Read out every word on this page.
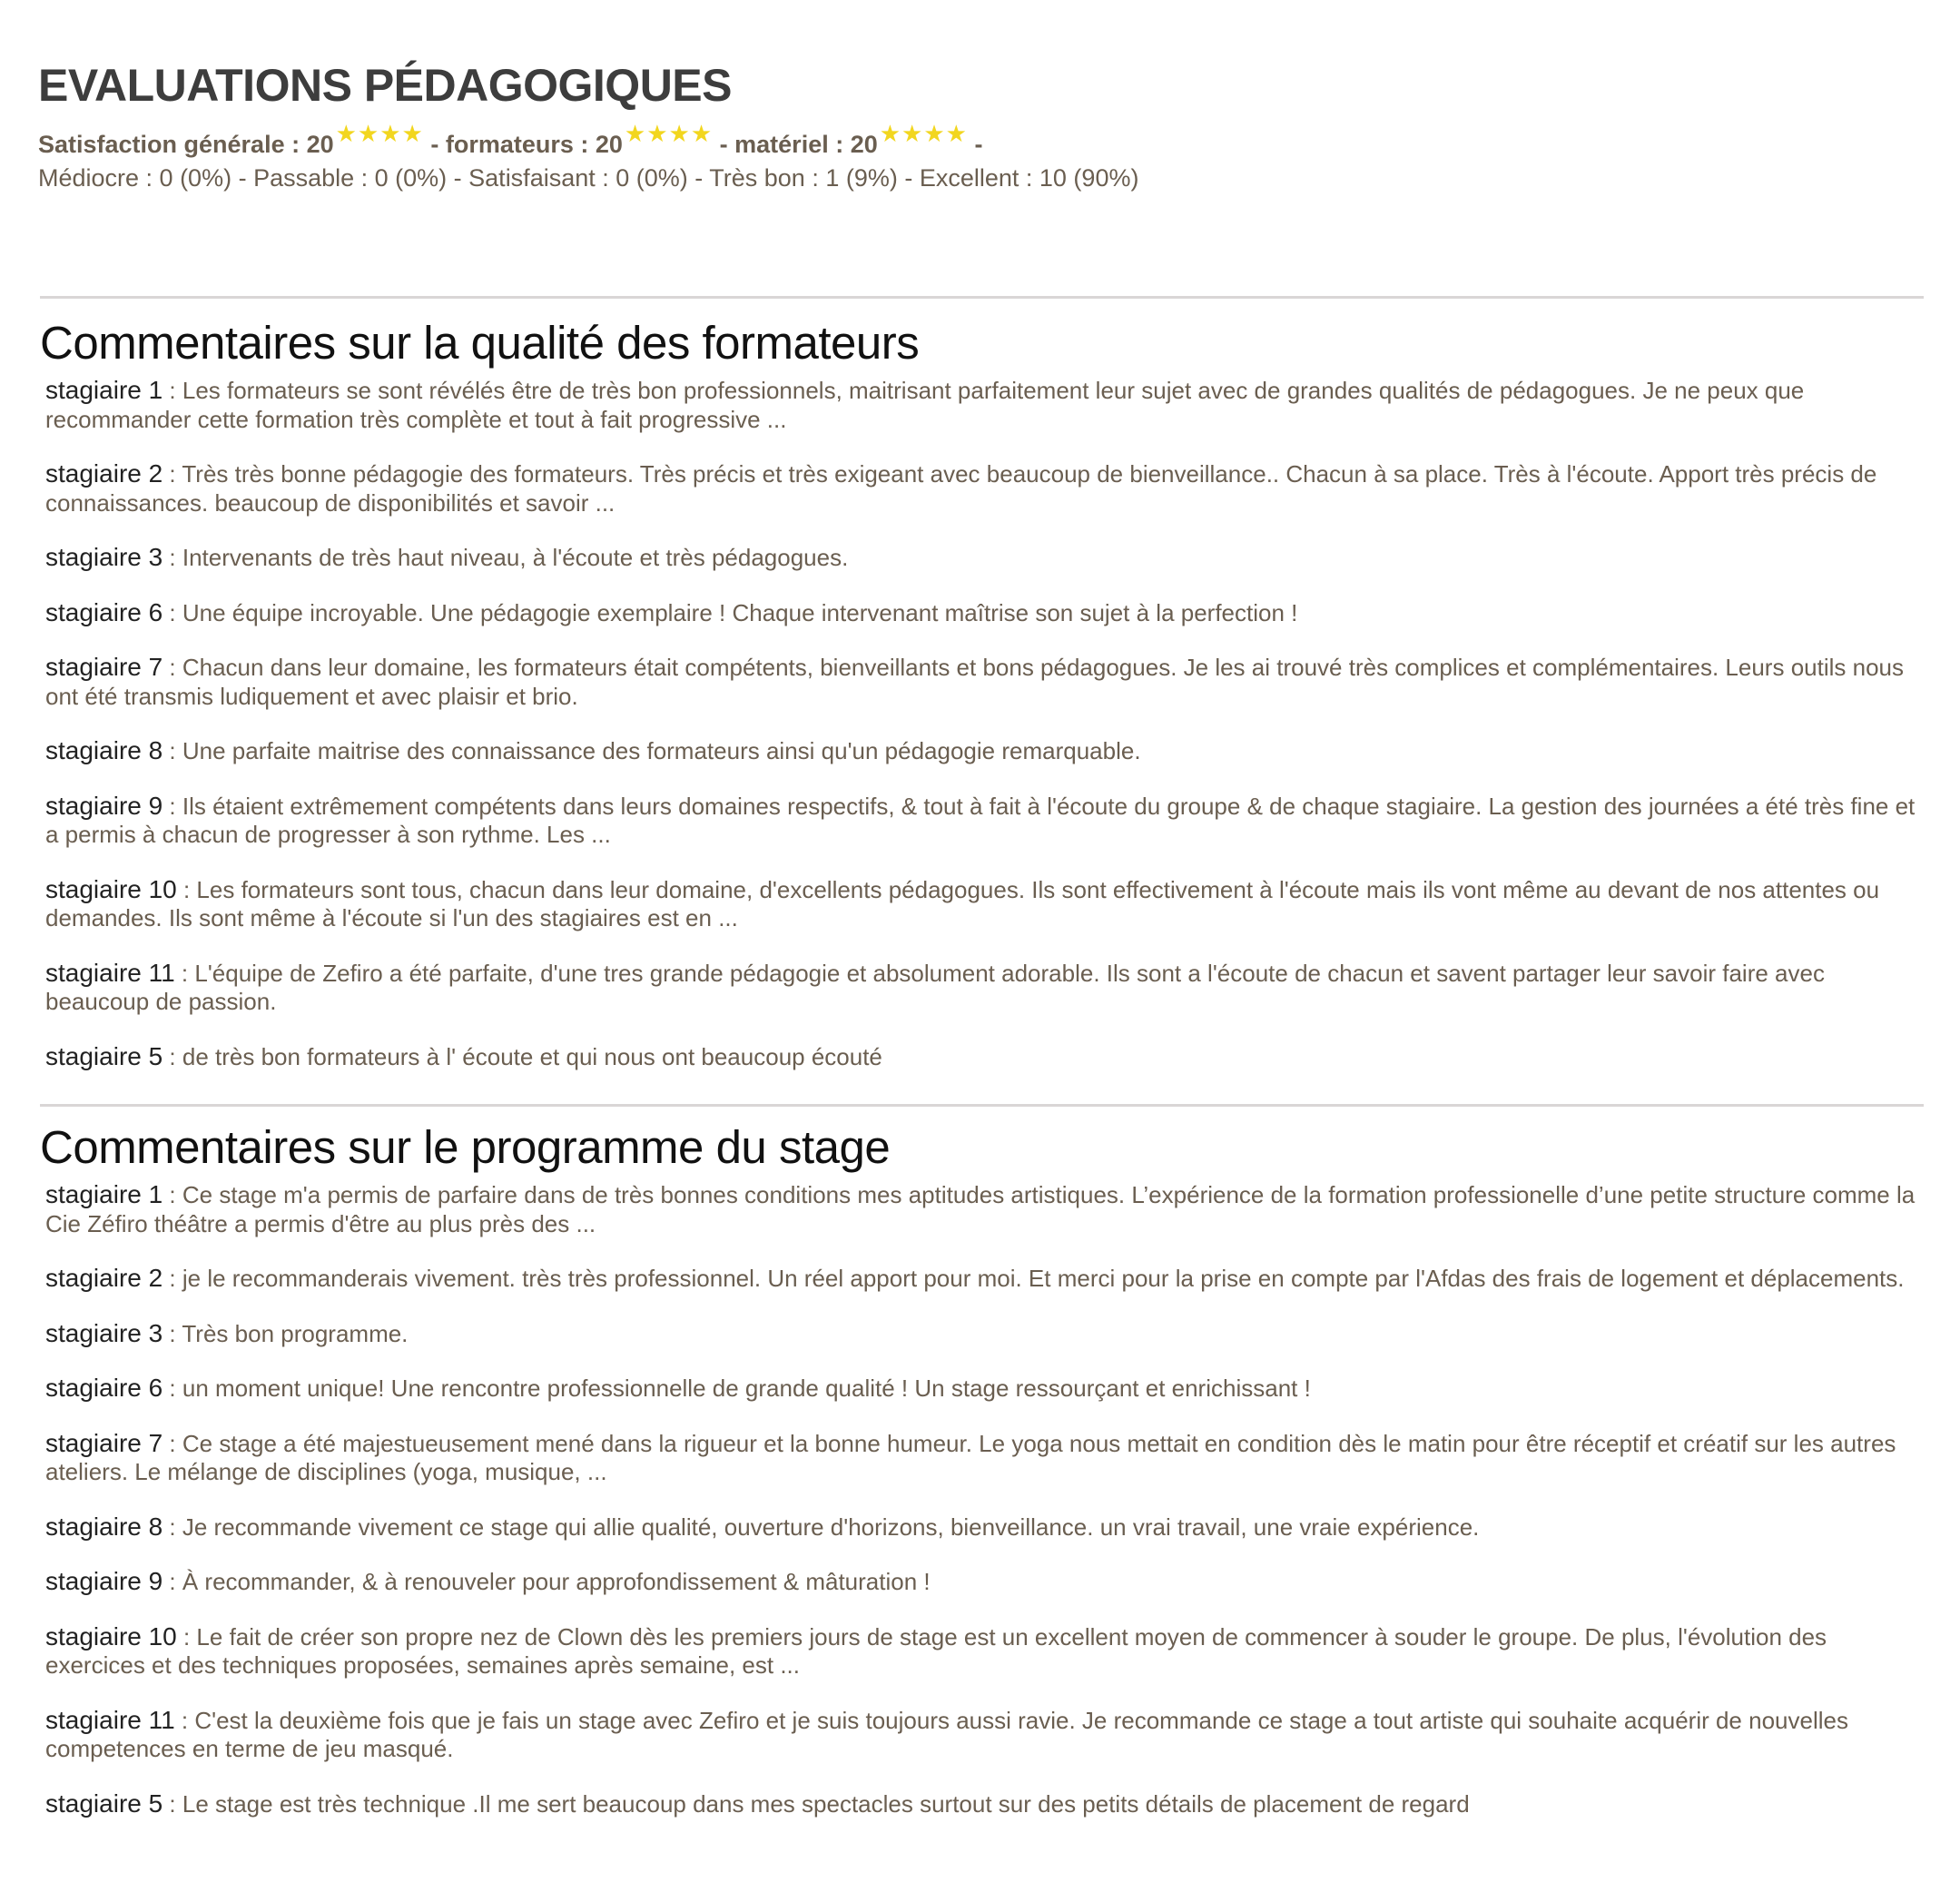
EVALUATIONS PÉDAGOGIQUES
Satisfaction générale : 20★★★★ - formateurs : 20★★★★ - matériel : 20★★★★ -
Médiocre : 0 (0%) - Passable : 0 (0%) - Satisfaisant : 0 (0%) - Très bon : 1 (9%) - Excellent : 10 (90%)
Commentaires sur la qualité des formateurs
stagiaire 1 : Les formateurs se sont révélés être de très bon professionnels, maitrisant parfaitement leur sujet avec de grandes qualités de pédagogues. Je ne peux que recommander cette formation très complète et tout à fait progressive ...
stagiaire 2 : Très très bonne pédagogie des formateurs. Très précis et très exigeant avec beaucoup de bienveillance.. Chacun à sa place. Très à l'écoute. Apport très précis de connaissances. beaucoup de disponibilités et savoir ...
stagiaire 3 : Intervenants de très haut niveau, à l'écoute et très pédagogues.
stagiaire 6 : Une équipe incroyable. Une pédagogie exemplaire ! Chaque intervenant maîtrise son sujet à la perfection !
stagiaire 7 : Chacun dans leur domaine, les formateurs était compétents, bienveillants et bons pédagogues. Je les ai trouvé très complices et complémentaires. Leurs outils nous ont été transmis ludiquement et avec plaisir et brio.
stagiaire 8 : Une parfaite maitrise des connaissance des formateurs ainsi qu'un pédagogie remarquable.
stagiaire 9 : Ils étaient extrêmement compétents dans leurs domaines respectifs, & tout à fait à l'écoute du groupe & de chaque stagiaire. La gestion des journées a été très fine et a permis à chacun de progresser à son rythme. Les ...
stagiaire 10 : Les formateurs sont tous, chacun dans leur domaine, d'excellents pédagogues. Ils sont effectivement à l'écoute mais ils vont même au devant de nos attentes ou demandes. Ils sont même à l'écoute si l'un des stagiaires est en ...
stagiaire 11 : L'équipe de Zefiro a été parfaite, d'une tres grande pédagogie et absolument adorable. Ils sont a l'écoute de chacun et savent partager leur savoir faire avec beaucoup de passion.
stagiaire 5 : de très bon formateurs à l' écoute et qui nous ont beaucoup écouté
Commentaires sur le programme du stage
stagiaire 1 : Ce stage m'a permis de parfaire dans de très bonnes conditions mes aptitudes artistiques. L’expérience de la formation professionelle d’une petite structure comme la Cie Zéfiro théâtre a permis d'être au plus près des ...
stagiaire 2 : je le recommanderais vivement. très très professionnel. Un réel apport pour moi. Et merci pour la prise en compte par l'Afdas des frais de logement et déplacements.
stagiaire 3 : Très bon programme.
stagiaire 6 : un moment unique! Une rencontre professionnelle de grande qualité ! Un stage ressourçant et enrichissant !
stagiaire 7 : Ce stage a été majestueusement mené dans la rigueur et la bonne humeur. Le yoga nous mettait en condition dès le matin pour être réceptif et créatif sur les autres ateliers. Le mélange de disciplines (yoga, musique, ...
stagiaire 8 : Je recommande vivement ce stage qui allie qualité, ouverture d'horizons, bienveillance. un vrai travail, une vraie expérience.
stagiaire 9 : À recommander, & à renouveler pour approfondissement & mâturation !
stagiaire 10 : Le fait de créer son propre nez de Clown dès les premiers jours de stage est un excellent moyen de commencer à souder le groupe. De plus, l'évolution des exercices et des techniques proposées, semaines après semaine, est ...
stagiaire 11 : C'est la deuxième fois que je fais un stage avec Zefiro et je suis toujours aussi ravie. Je recommande ce stage a tout artiste qui souhaite acquérir de nouvelles competences en terme de jeu masqué.
stagiaire 5 : Le stage est très technique .Il me sert beaucoup dans mes spectacles surtout sur des petits détails de placement de regard
